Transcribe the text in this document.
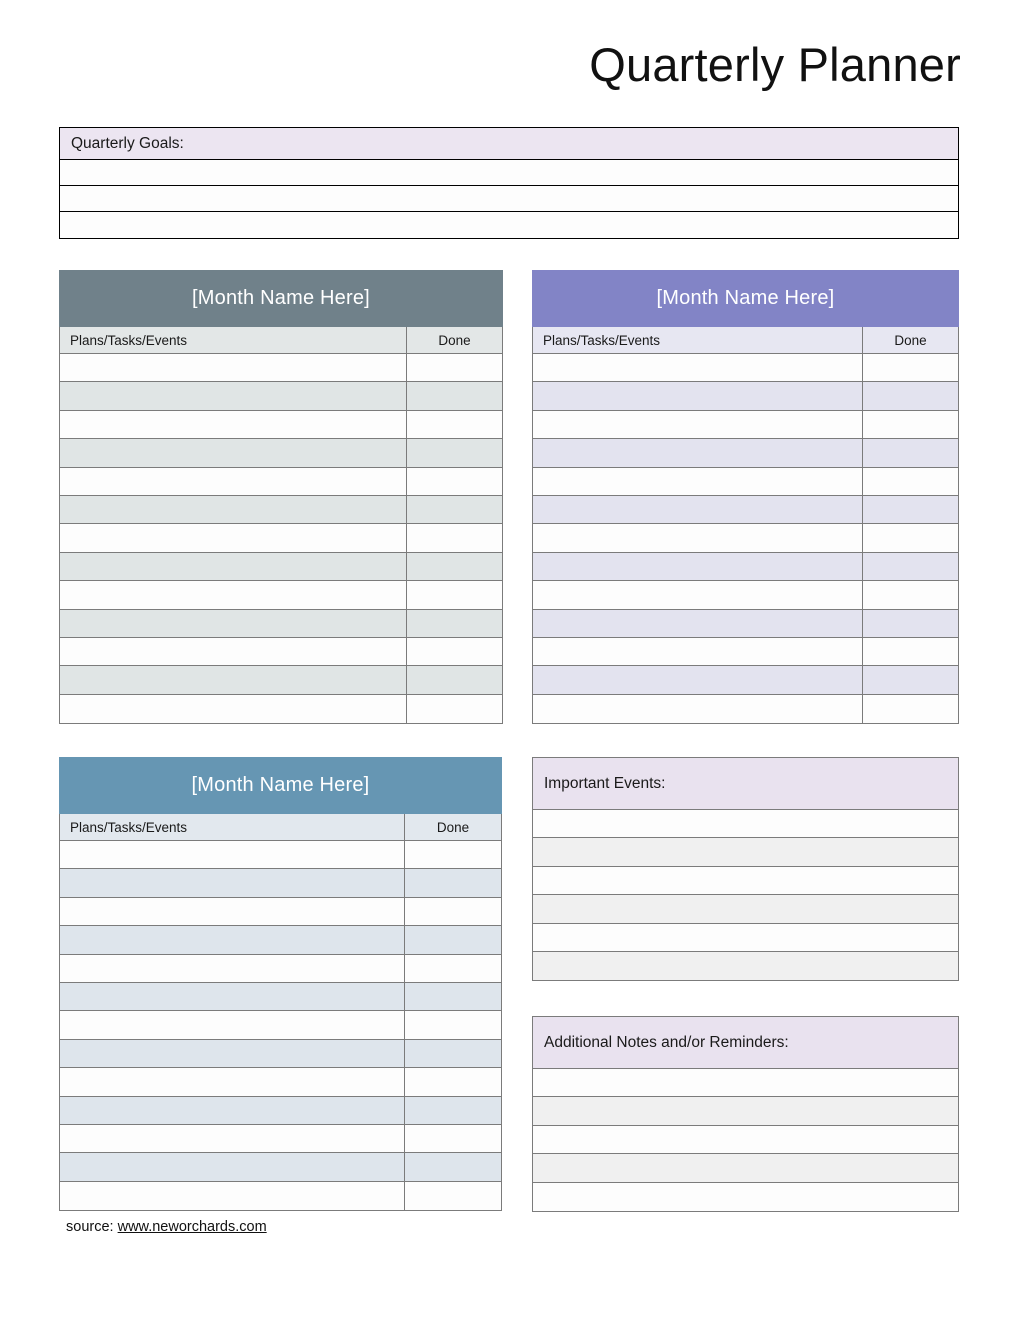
Quarterly Planner
Quarterly Goals:
[Month Name Here]
Plans/Tasks/Events	Done
[Month Name Here]
Plans/Tasks/Events	Done
[Month Name Here]
Plans/Tasks/Events	Done
Important Events:
Additional Notes and/or Reminders:
source: www.neworchards.com
